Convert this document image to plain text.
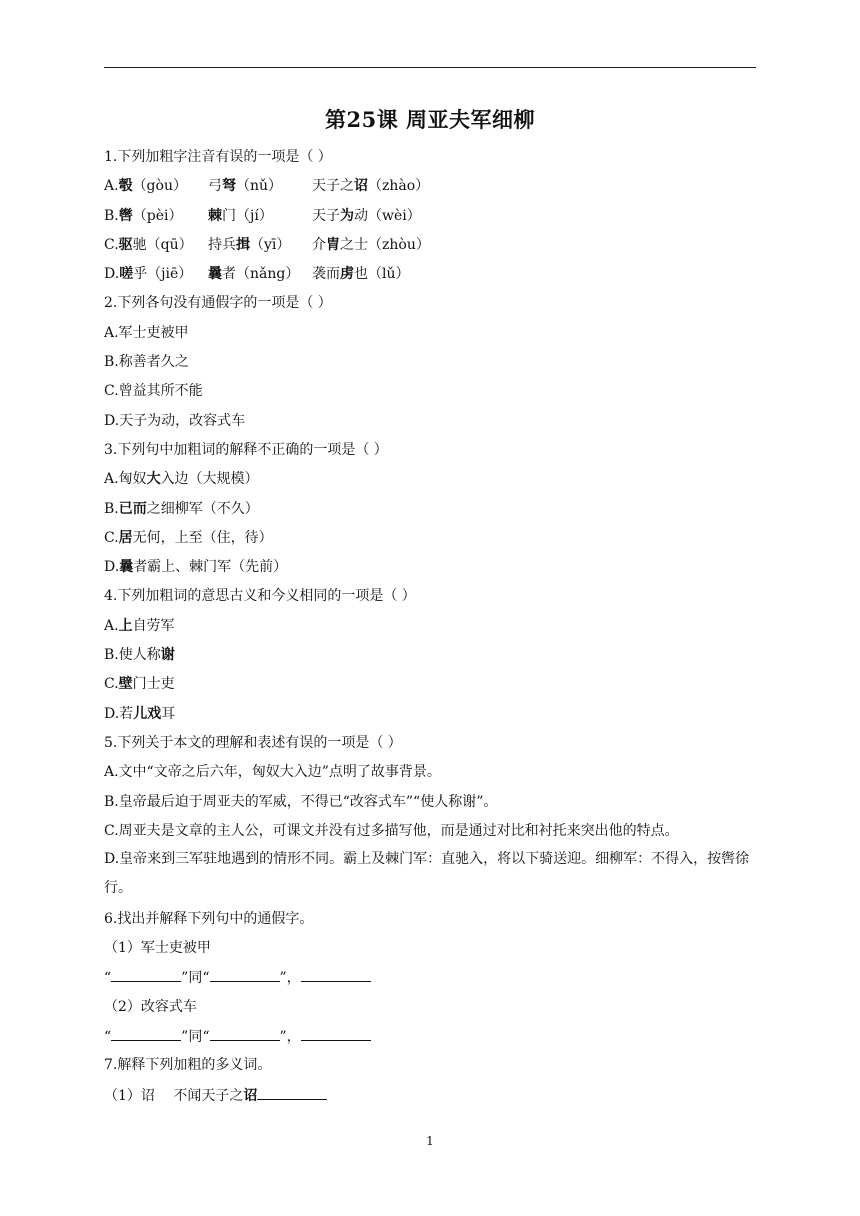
第25课 周亚夫军细柳
1.下列加粗字注音有误的一项是（ ）
A.彀（gòu）	弓弩（nǔ）	天子之诏（zhào）
B.辔（pèi）	棘门（jí）	天子为动（wèi）
C.驱驰（qū）	持兵揖（yī）	介胄之士（zhòu）
D.嗟乎（jiē）	曩者（nǎng） 袭而虏也（lǔ）
2.下列各句没有通假字的一项是（ ）
A.军士吏被甲
B.称善者久之
C.曾益其所不能
D.天子为动，改容式车
3.下列句中加粗词的解释不正确的一项是（ ）
A.匈奴大入边（大规模）
B.已而之细柳军（不久）
C.居无何，上至（住，待）
D.曩者霸上、棘门军（先前）
4.下列加粗词的意思古义和今义相同的一项是（ ）
A.上自劳军
B.使人称谢
C.壁门士吏
D.若儿戏耳
5.下列关于本文的理解和表述有误的一项是（ ）
A.文中“文帝之后六年，匈奴大入边”点明了故事背景。
B.皇帝最后迫于周亚夫的军威，不得已“改容式车”“使人称谢”。
C.周亚夫是文章的主人公，可课文并没有过多描写他，而是通过对比和衬托来突出他的特点。
D.皇帝来到三军驻地遇到的情形不同。霸上及棘门军：直驰入，将以下骑送迎。细柳军：不得入，按辔徐行。
6.找出并解释下列句中的通假字。
（1）军士吏被甲
“	”同“	”，
（2）改容式车
“	”同“	”，
7.解释下列加粗的多义词。
（1）诏　 不闻天子之诏
1
